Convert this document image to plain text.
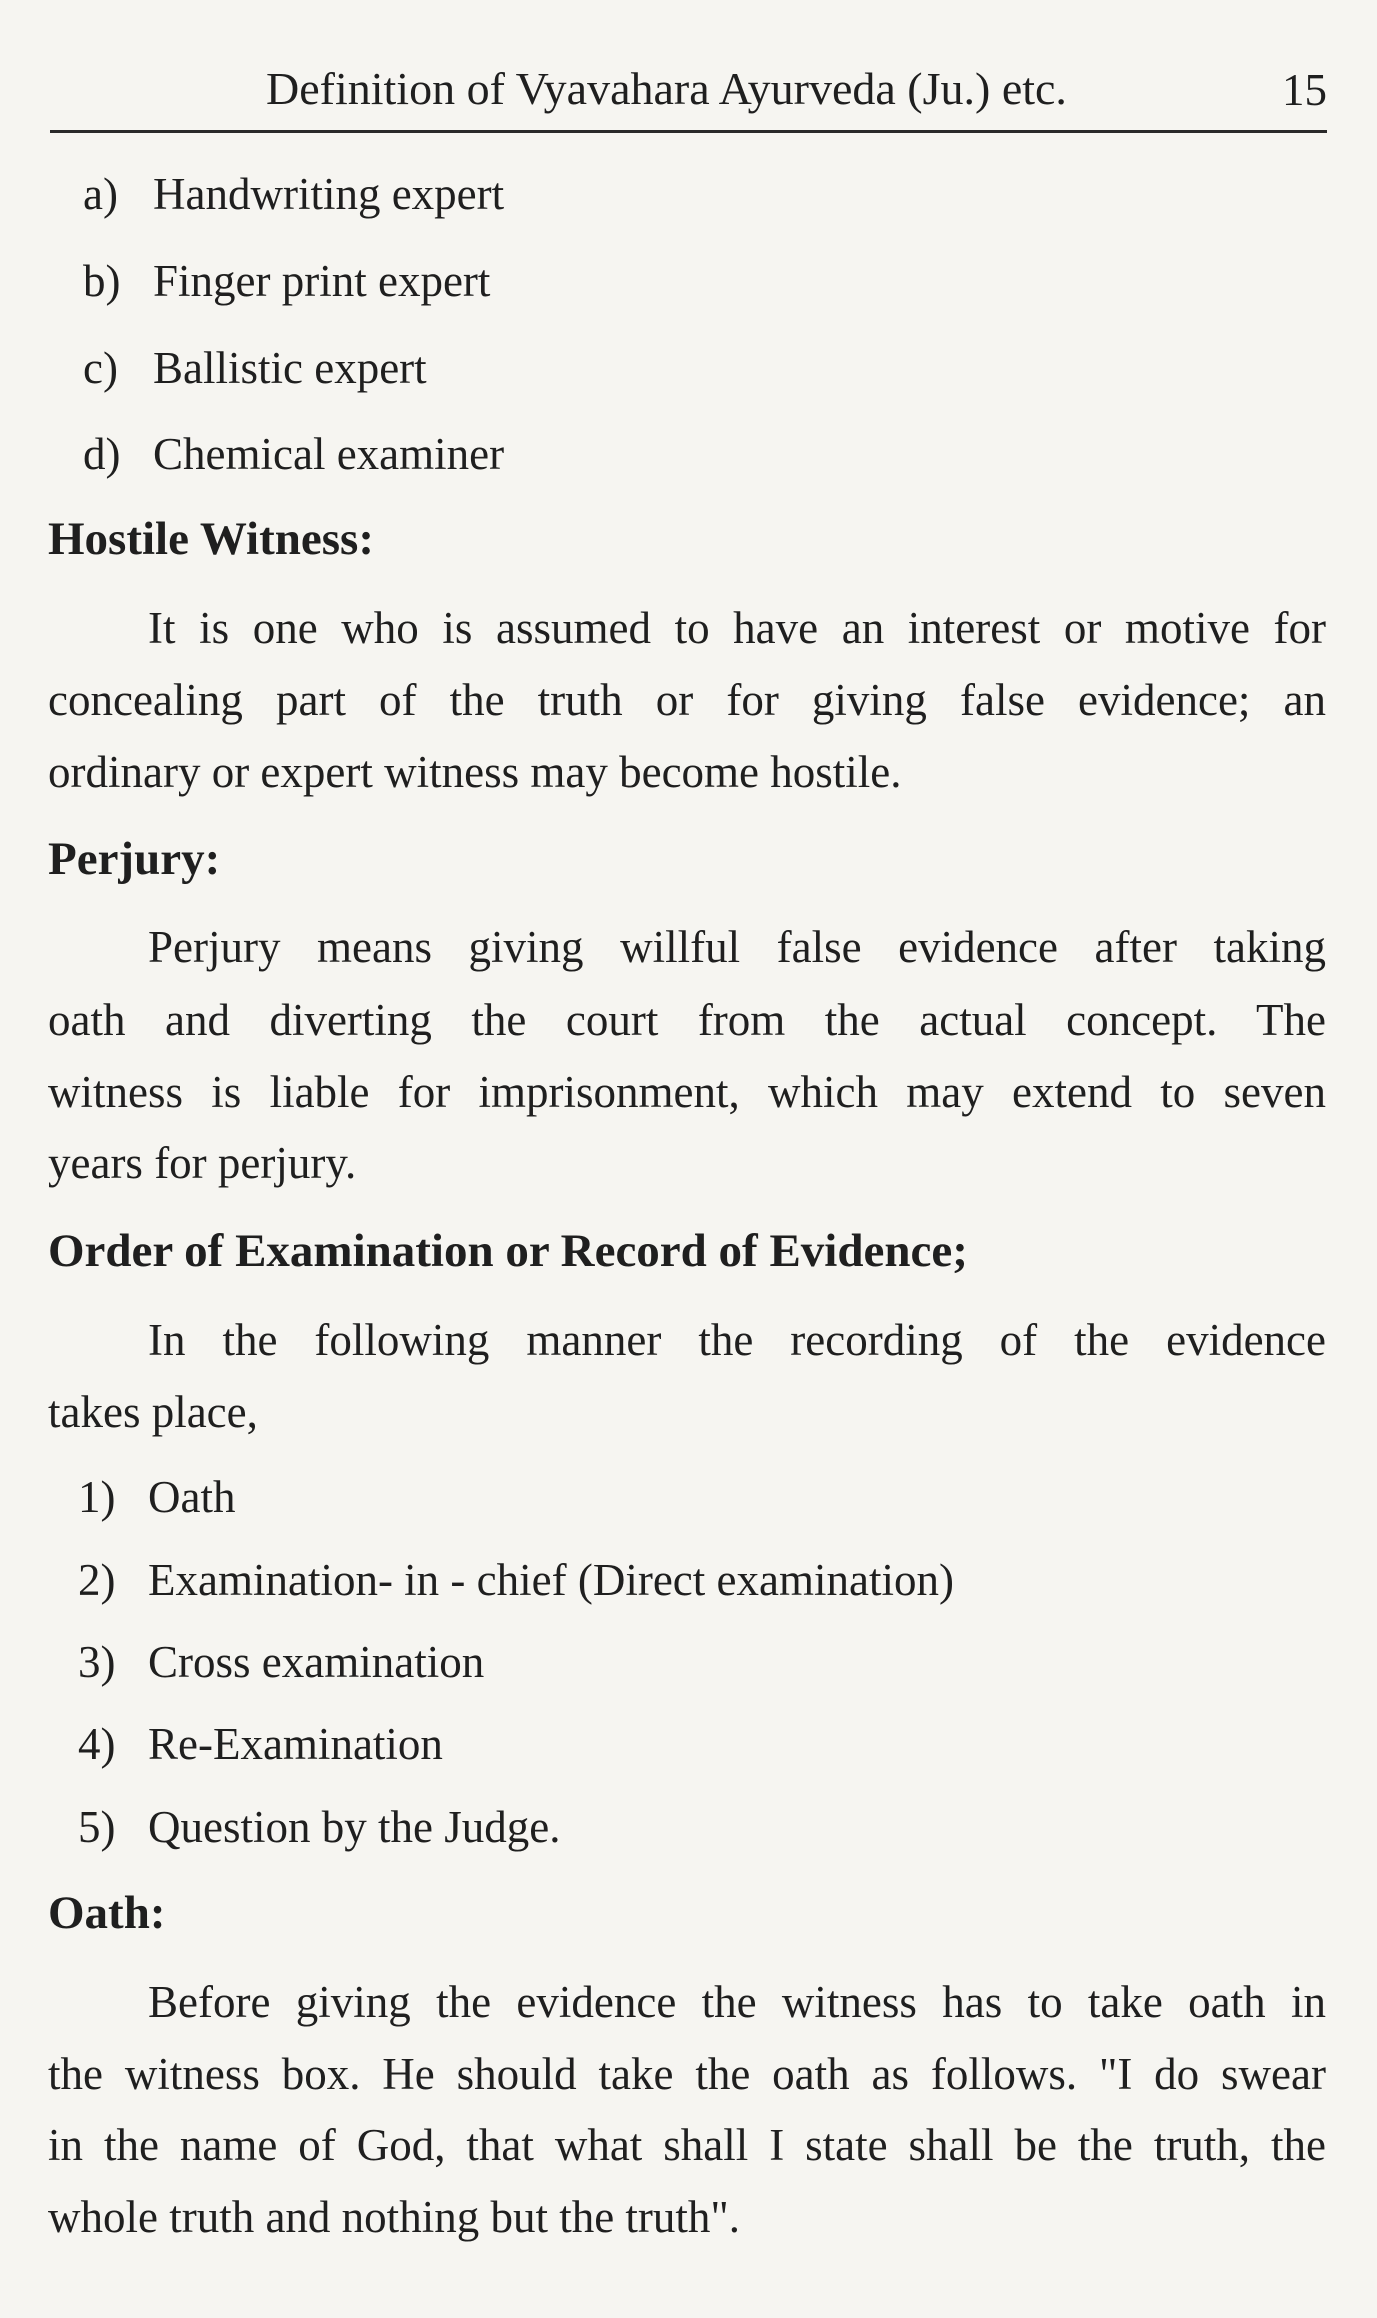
Definition of Vyavahara Ayurveda (Ju.) etc.	15
a) Handwriting expert
b) Finger print expert
c) Ballistic expert
d) Chemical examiner
Hostile Witness:
It is one who is assumed to have an interest or motive for
concealing part of the truth or for giving false evidence; an
ordinary or expert witness may become hostile.
Perjury:
Perjury means giving willful false evidence after taking
oath and diverting the court from the actual concept. The
witness is liable for imprisonment, which may extend to seven
years for perjury.
Order of Examination or Record of Evidence;
In the following manner the recording of the evidence
takes place,
1) Oath
2) Examination- in - chief (Direct examination)
3) Cross examination
4) Re-Examination
5) Question by the Judge.
Oath:
Before giving the evidence the witness has to take oath in
the witness box. He should take the oath as follows. "I do swear
in the name of God, that what shall I state shall be the truth, the
whole truth and nothing but the truth".
